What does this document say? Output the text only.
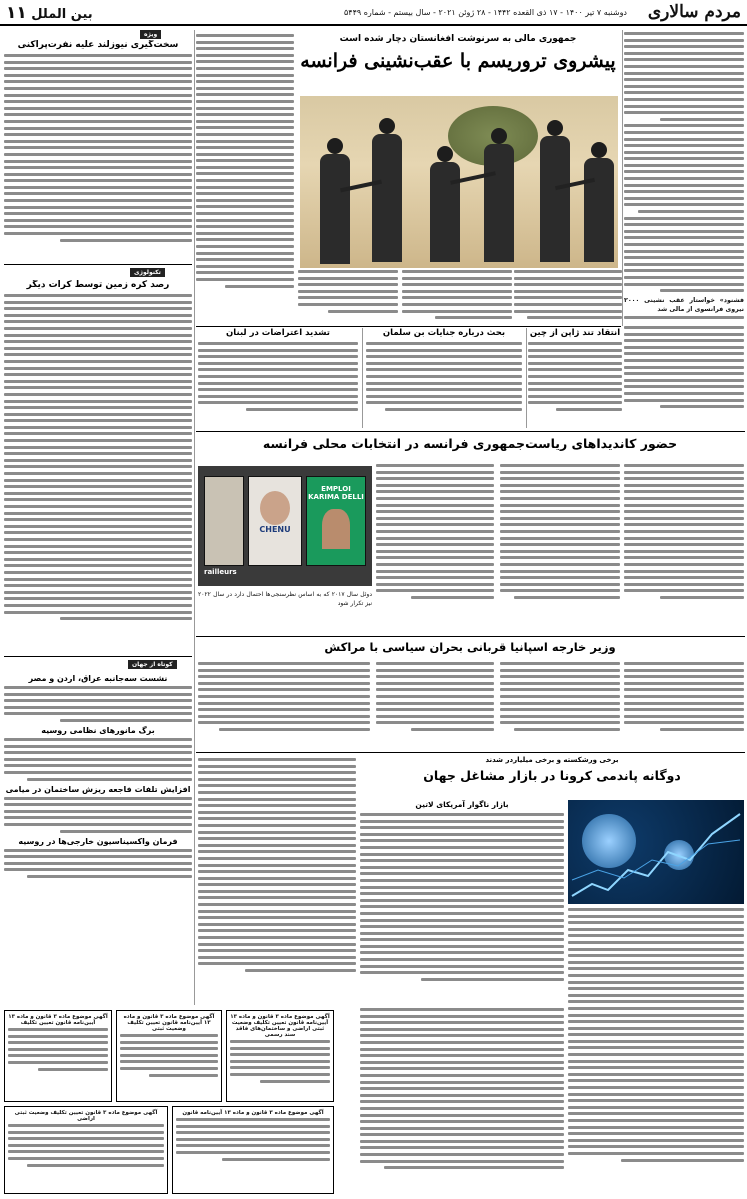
مردم سالاری
دوشنبه ۷ تیر ۱۴۰۰ - ۱۷ ذی القعده ۱۴۴۲ - ۲۸ ژوئن ۲۰۲۱ - سال بیستم - شماره ۵۴۴۹
بین الملل ۱۱
فشنود» خواستار عقب نشینی ۲۰۰۰ نیروی فرانسوی از مالی شد
جمهوری مالی به سرنوشت افغانستان دچار شده است
پیشروی تروریسم با عقب‌نشینی فرانسه
انتقاد تند ژاپن از چین
بحث درباره جنایات بن سلمان
تشدید اعتراضات در لبنان
حضور کاندیداهای ریاست‌جمهوری فرانسه در انتخابات محلی فرانسه
CHENU
EMPLOI KARIMA DELLI
railleurs
دوئل سال ۲۰۱۷ که به اساس نظرسنجی‌ها احتمال دارد در سال ۲۰۲۲ نیز تکرار شود
وزیر خارجه اسپانیا قربانی بحران سیاسی با مراکش
برخی ورشکسته و برخی میلیاردر شدند
دوگانه پاندمی کرونا در بازار مشاغل جهان
بازار ناگوار آمریکای لاتین
ویژه
سخت‌گیری نیوزلند علیه نفرت‌پراکنی
تکنولوژی
رصد کره زمین توسط کرات دیگر
کوتاه از جهان
نشست سه‌جانبه عراق، اردن و مصر
برگ مانورهای نظامی روسیه
افزایش تلفات فاجعه ریزش ساختمان در میامی
فرمان واکسیناسیون خارجی‌ها در روسیه
آگهی موضوع ماده ۳ قانون و ماده ۱۳ آیین‌نامه قانون تعیین تکلیف وضعیت ثبتی اراضی و ساختمان‌های فاقد سند رسمی
آگهی موضوع ماده ۳ قانون و ماده ۱۳ آیین‌نامه قانون تعیین تکلیف وضعیت ثبتی
آگهی موضوع ماده ۳ قانون و ماده ۱۳ آیین‌نامه قانون تعیین تکلیف
آگهی موضوع ماده ۳ قانون و ماده ۱۳ آیین‌نامه قانون
آگهی موضوع ماده ۳ قانون تعیین تکلیف وضعیت ثبتی اراضی
